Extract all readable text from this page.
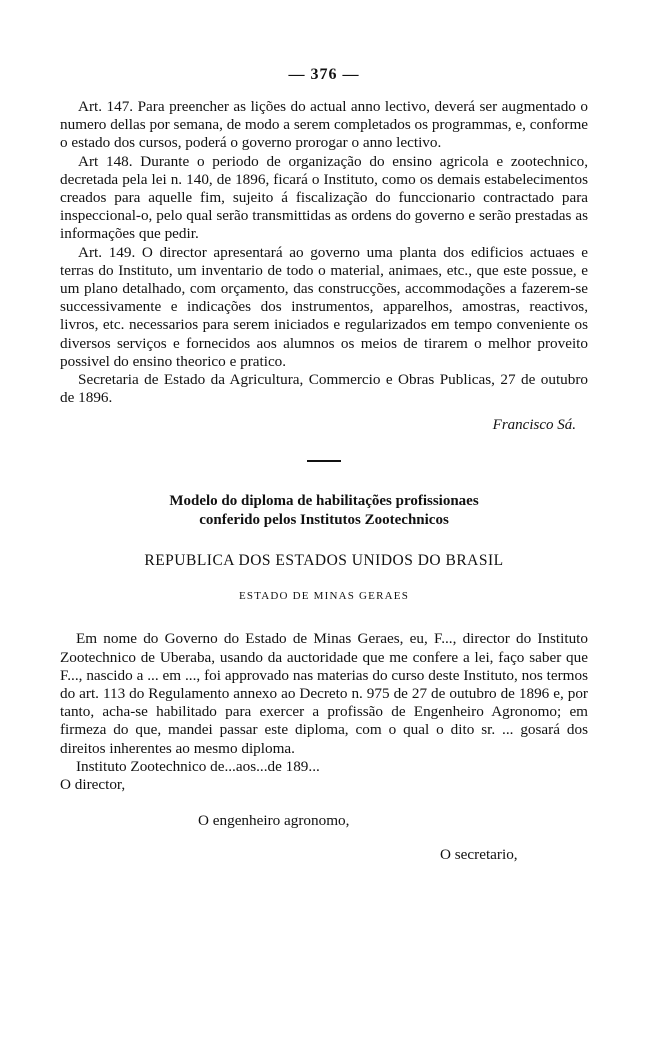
— 376 —

Art. 147. Para preencher as lições do actual anno lectivo, deverá ser augmentado o numero dellas por semana, de modo a serem completados os programmas, e, conforme o estado dos cursos, poderá o governo prorogar o anno lectivo.

Art 148. Durante o periodo de organização do ensino agricola e zootechnico, decretada pela lei n. 140, de 1896, ficará o Instituto, como os demais estabelecimentos creados para aquelle fim, sujeito á fiscalização do funccionario contractado para inspeccional-o, pelo qual serão transmittidas as ordens do governo e serão prestadas as informações que pedir.

Art. 149. O director apresentará ao governo uma planta dos edificios actuaes e terras do Instituto, um inventario de todo o material, animaes, etc., que este possue, e um plano detalhado, com orçamento, das construcções, accommodações a fazerem-se successivamente e indicações dos instrumentos, apparelhos, amostras, reactivos, livros, etc. necessarios para serem iniciados e regularizados em tempo conveniente os diversos serviços e fornecidos aos alumnos os meios de tirarem o melhor proveito possivel do ensino theorico e pratico.

Secretaria de Estado da Agricultura, Commercio e Obras Publicas, 27 de outubro de 1896.

Francisco Sá.

Modelo do diploma de habilitações profissionaes

conferido pelos Institutos Zootechnicos

REPUBLICA DOS ESTADOS UNIDOS DO BRASIL

ESTADO DE MINAS GERAES

Em nome do Governo do Estado de Minas Geraes, eu, F..., director do Instituto Zootechnico de Uberaba, usando da auctoridade que me confere a lei, faço saber que F..., nascido a ... em ..., foi approvado nas materias do curso deste Instituto, nos termos do art. 113 do Regulamento annexo ao Decreto n. 975 de 27 de outubro de 1896 e, por tanto, acha-se habilitado para exercer a profissão de Engenheiro Agronomo; em firmeza do que, mandei passar este diploma, com o qual o dito sr. ... gosará dos direitos inherentes ao mesmo diploma.

Instituto Zootechnico de...aos...de 189...

O director,

O engenheiro agronomo,

O secretario,
